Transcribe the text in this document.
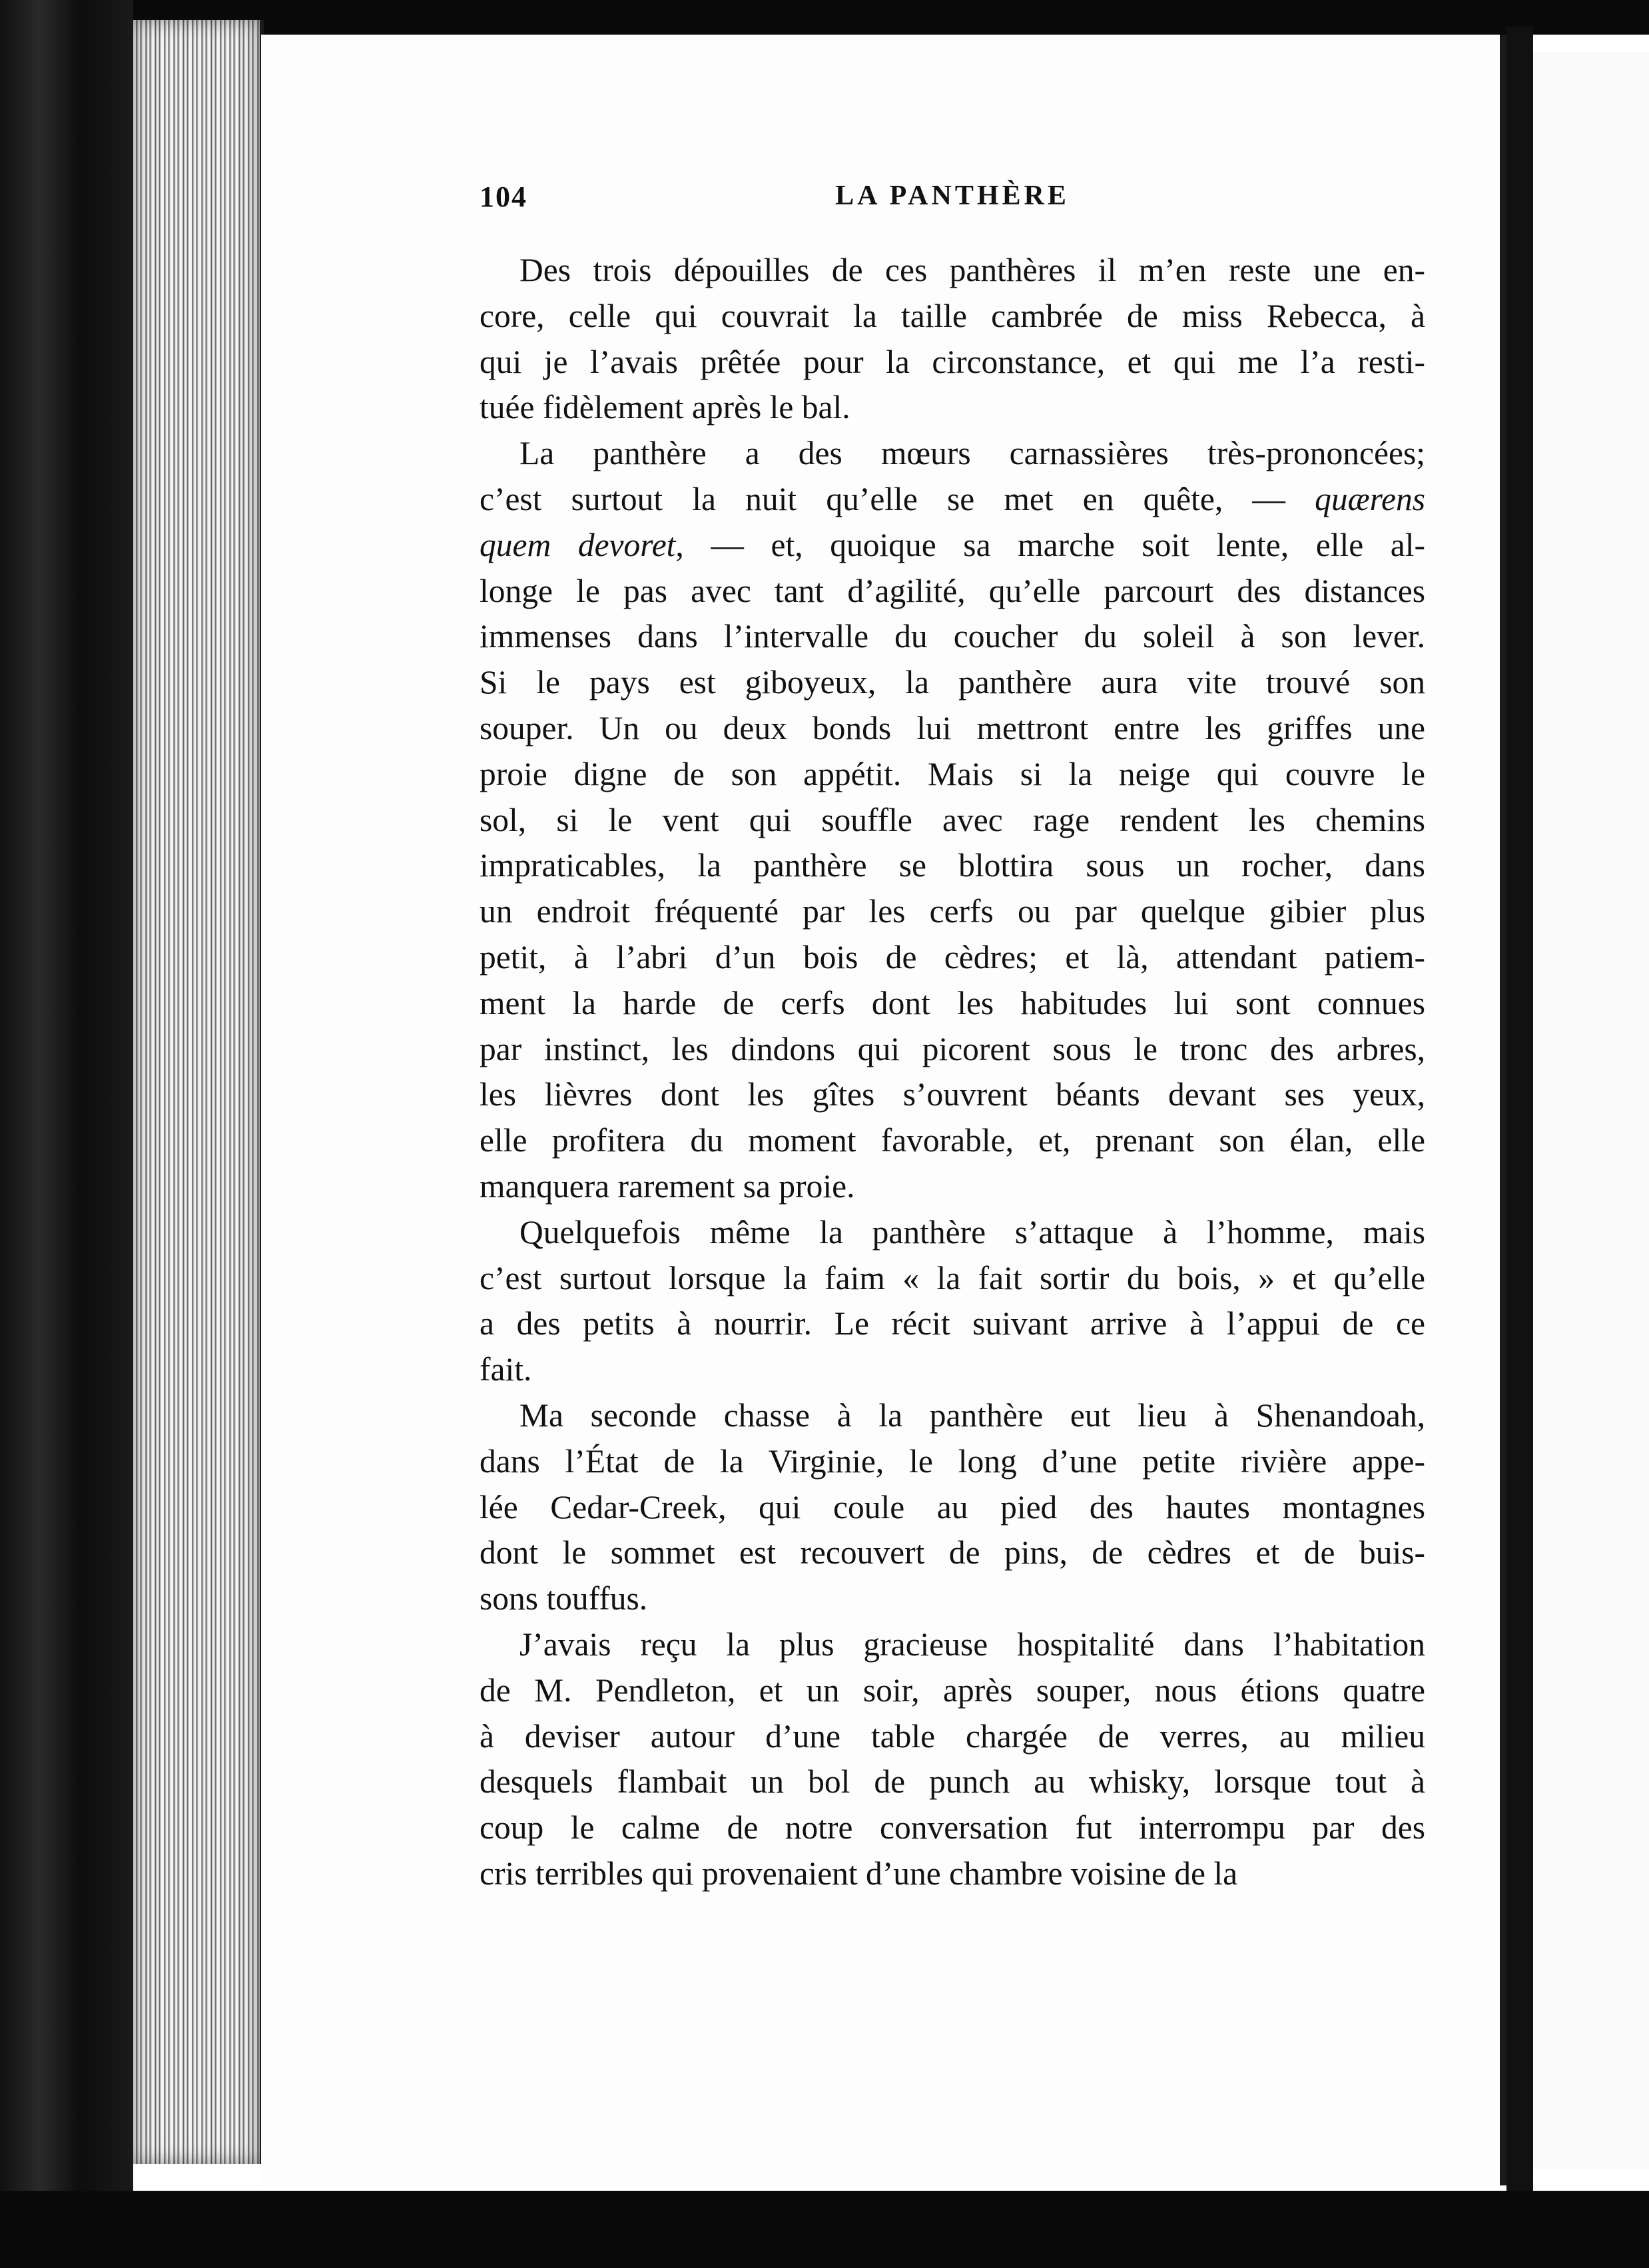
LA PANTHÈRE
104

Des trois dépouilles de ces panthères il m’en reste une en-
core, celle qui couvrait la taille cambrée de miss Rebecca, à
qui je l’avais prêtée pour la circonstance, et qui me l’a resti-
tuée fidèlement après le bal.

La panthère a des mœurs carnassières très-prononcées;
c’est surtout la nuit qu’elle se met en quête, — quærens
quem devoret, — et, quoique sa marche soit lente, elle al-
longe le pas avec tant d’agilité, qu’elle parcourt des distances
immenses dans l’intervalle du coucher du soleil à son lever.
Si le pays est giboyeux, la panthère aura vite trouvé son
souper. Un ou deux bonds lui mettront entre les griffes une
proie digne de son appétit. Mais si la neige qui couvre le
sol, si le vent qui souffle avec rage rendent les chemins
impraticables, la panthère se blottira sous un rocher, dans
un endroit fréquenté par les cerfs ou par quelque gibier plus
petit, à l’abri d’un bois de cèdres; et là, attendant patiem-
ment la harde de cerfs dont les habitudes lui sont connues
par instinct, les dindons qui picorent sous le tronc des arbres,
les lièvres dont les gîtes s’ouvrent béants devant ses yeux,
elle profitera du moment favorable, et, prenant son élan, elle
manquera rarement sa proie.

Quelquefois même la panthère s’attaque à l’homme, mais
c’est surtout lorsque la faim « la fait sortir du bois, » et qu’elle
a des petits à nourrir. Le récit suivant arrive à l’appui de ce
fait.

Ma seconde chasse à la panthère eut lieu à Shenandoah,
dans l’État de la Virginie, le long d’une petite rivière appe-
lée Cedar-Creek, qui coule au pied des hautes montagnes
dont le sommet est recouvert de pins, de cèdres et de buis-
sons touffus.

J’avais reçu la plus gracieuse hospitalité dans l’habitation
de M. Pendleton, et un soir, après souper, nous étions quatre
à deviser autour d’une table chargée de verres, au milieu
desquels flambait un bol de punch au whisky, lorsque tout à
coup le calme de notre conversation fut interrompu par des
cris terribles qui provenaient d’une chambre voisine de la
